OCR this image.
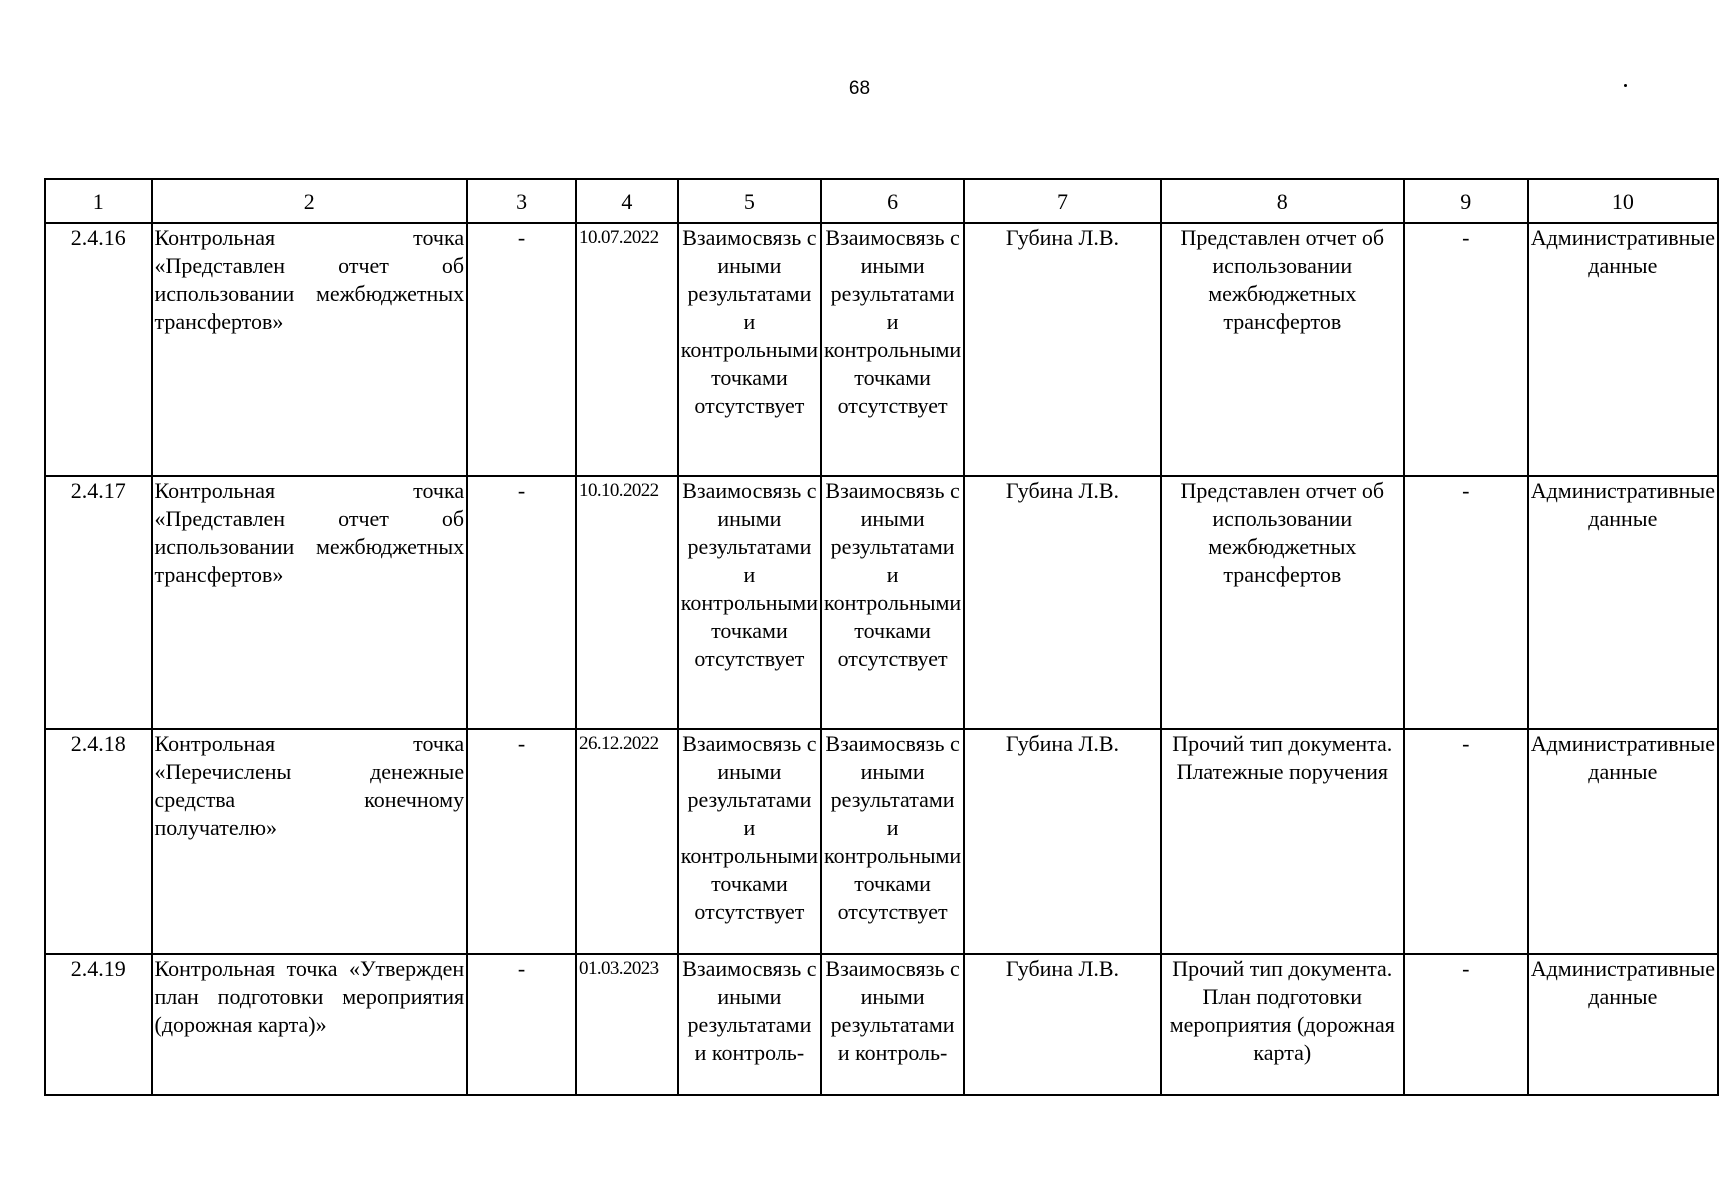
68
1	2	3	4	5	6	7	8	9	10
2.4.16	Контрольная точка «Представлен отчет об использовании межбюджетных трансфертов»	-	10.07.2022	Взаимосвязь с иными результатами и контрольными точками отсутствует	Взаимосвязь с иными результатами и контрольными точками отсутствует	Губина Л.В.	Представлен отчет об использовании межбюджетных трансфертов	-	Административные данные
2.4.17	Контрольная точка «Представлен отчет об использовании межбюджетных трансфертов»	-	10.10.2022	Взаимосвязь с иными результатами и контрольными точками отсутствует	Взаимосвязь с иными результатами и контрольными точками отсутствует	Губина Л.В.	Представлен отчет об использовании межбюджетных трансфертов	-	Административные данные
2.4.18	Контрольная точка «Перечислены денежные средства конечному получателю»	-	26.12.2022	Взаимосвязь с иными результатами и контрольными точками отсутствует	Взаимосвязь с иными результатами и контрольными точками отсутствует	Губина Л.В.	Прочий тип документа. Платежные поручения	-	Административные данные
2.4.19	Контрольная точка «Утвержден план подготовки мероприятия (дорожная карта)»	-	01.03.2023	Взаимосвязь с иными результатами и контроль-	Взаимосвязь с иными результатами и контроль-	Губина Л.В.	Прочий тип документа. План подготовки мероприятия (дорожная карта)	-	Административные данные
